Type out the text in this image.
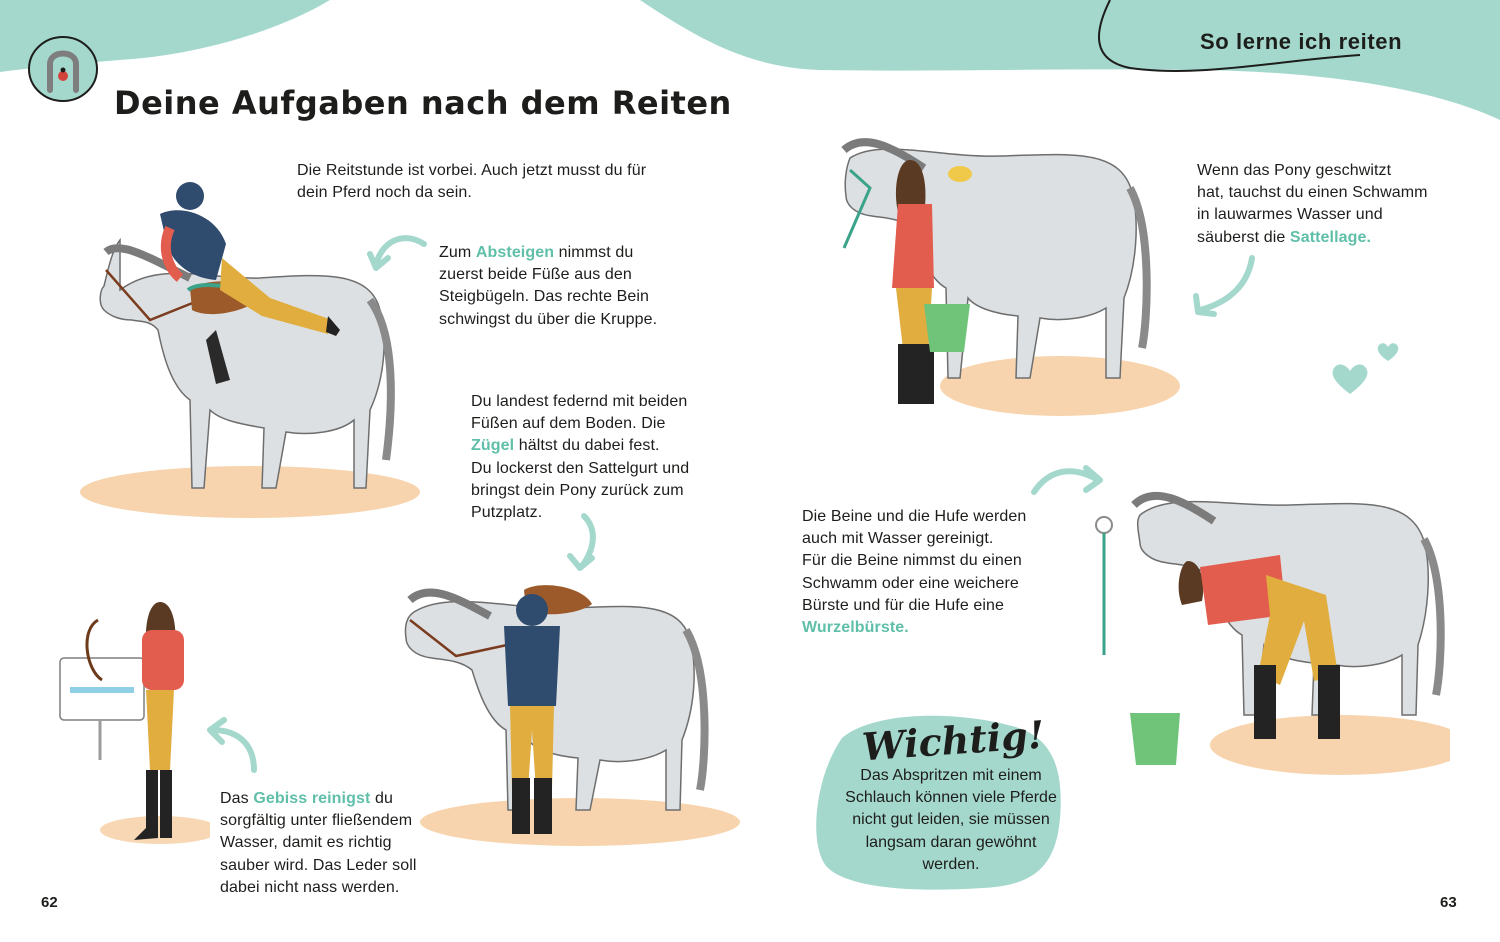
So lerne ich reiten
Deine Aufgaben nach dem Reiten
Die Reitstunde ist vorbei. Auch jetzt musst du für
dein Pferd noch da sein.
Zum Absteigen nimmst du
zuerst beide Füße aus den
Steigbügeln. Das rechte Bein
schwingst du über die Kruppe.
Du landest federnd mit beiden
Füßen auf dem Boden. Die
Zügel hältst du dabei fest.
Du lockerst den Sattelgurt und
bringst dein Pony zurück zum
Putzplatz.
Das Gebiss reinigst du
sorgfältig unter fließendem
Wasser, damit es richtig
sauber wird. Das Leder soll
dabei nicht nass werden.
Wenn das Pony geschwitzt
hat, tauchst du einen Schwamm
in lauwarmes Wasser und
säuberst die Sattellage.
Die Beine und die Hufe werden
auch mit Wasser gereinigt.
Für die Beine nimmst du einen
Schwamm oder eine weichere
Bürste und für die Hufe eine
Wurzelbürste.
Wichtig!
Das Abspritzen mit einem
Schlauch können viele Pferde
nicht gut leiden, sie müssen
langsam daran gewöhnt
werden.
62	63
